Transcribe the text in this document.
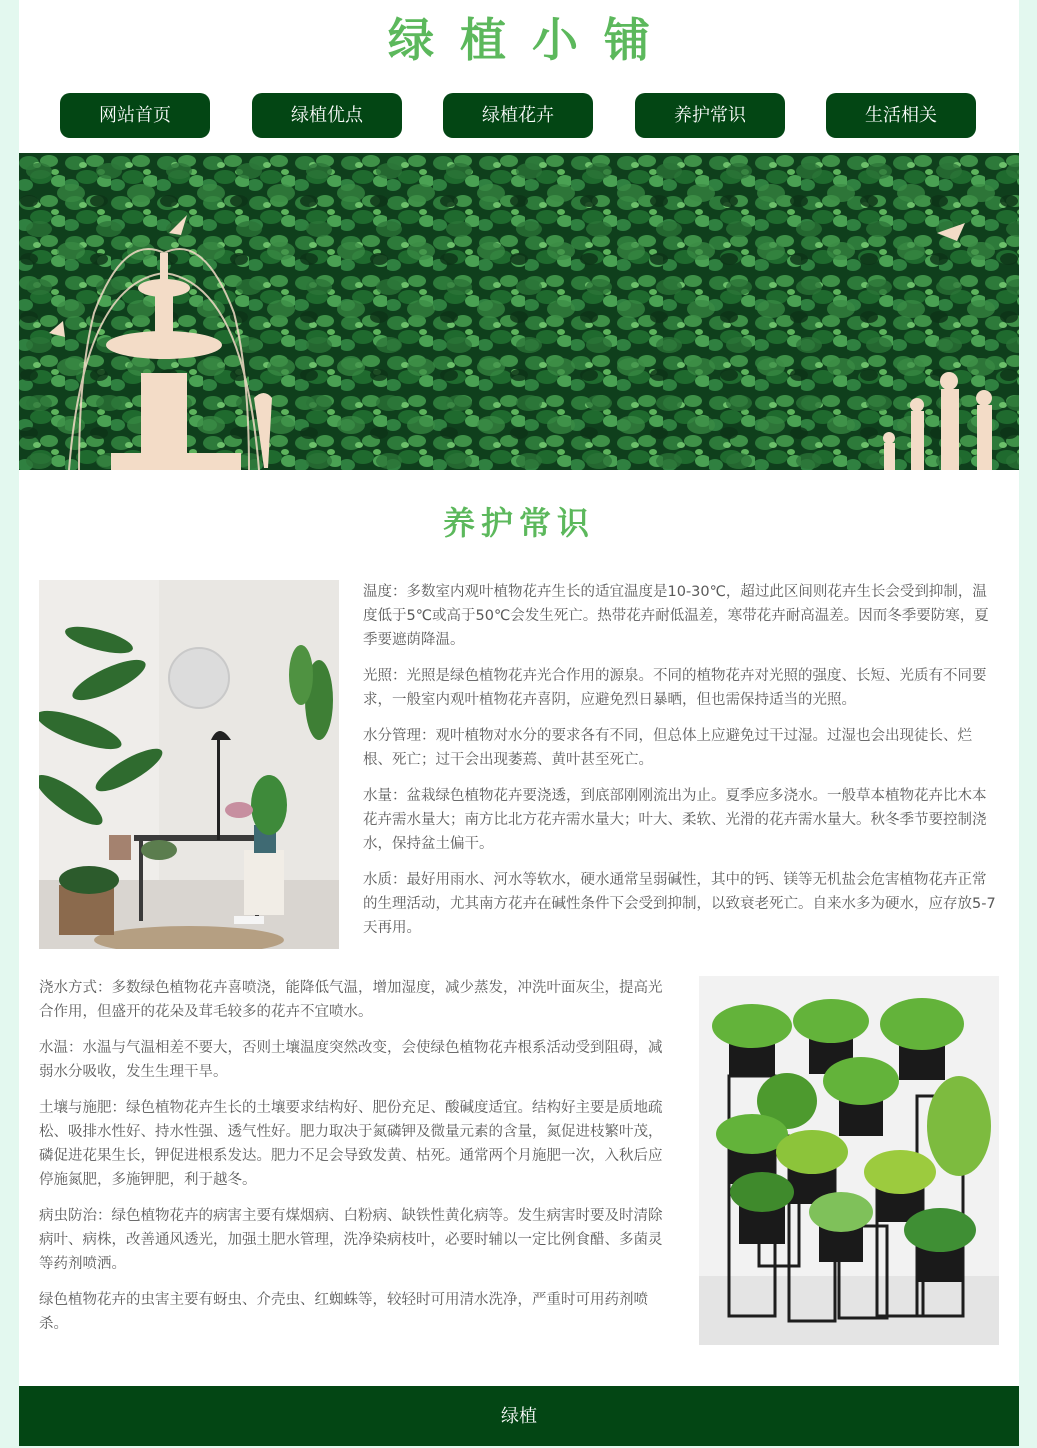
绿植小铺
网站首页	绿植优点	绿植花卉	养护常识	生活相关
养护常识

温度：多数室内观叶植物花卉生长的适宜温度是10-30℃，超过此区间则花卉生长会受到抑制，温度低于5℃或高于50℃会发生死亡。热带花卉耐低温差，寒带花卉耐高温差。因而冬季要防寒，夏季要遮荫降温。

光照：光照是绿色植物花卉光合作用的源泉。不同的植物花卉对光照的强度、长短、光质有不同要求，一般室内观叶植物花卉喜阴，应避免烈日暴晒，但也需保持适当的光照。

水分管理：观叶植物对水分的要求各有不同，但总体上应避免过干过湿。过湿也会出现徒长、烂根、死亡；过干会出现萎蔫、黄叶甚至死亡。

水量：盆栽绿色植物花卉要浇透，到底部刚刚流出为止。夏季应多浇水。一般草本植物花卉比木本花卉需水量大；南方比北方花卉需水量大；叶大、柔软、光滑的花卉需水量大。秋冬季节要控制浇水，保持盆土偏干。

水质：最好用雨水、河水等软水，硬水通常呈弱碱性，其中的钙、镁等无机盐会危害植物花卉正常的生理活动，尤其南方花卉在碱性条件下会受到抑制，以致衰老死亡。自来水多为硬水，应存放5-7天再用。

浇水方式：多数绿色植物花卉喜喷浇，能降低气温，增加湿度，减少蒸发，冲洗叶面灰尘，提高光合作用，但盛开的花朵及茸毛较多的花卉不宜喷水。

水温：水温与气温相差不要大，否则土壤温度突然改变，会使绿色植物花卉根系活动受到阻碍，减弱水分吸收，发生生理干旱。

土壤与施肥：绿色植物花卉生长的土壤要求结构好、肥份充足、酸碱度适宜。结构好主要是质地疏松、吸排水性好、持水性强、透气性好。肥力取决于氮磷钾及微量元素的含量，氮促进枝繁叶茂，磷促进花果生长，钾促进根系发达。肥力不足会导致发黄、枯死。通常两个月施肥一次，入秋后应停施氮肥，多施钾肥，利于越冬。

病虫防治：绿色植物花卉的病害主要有煤烟病、白粉病、缺铁性黄化病等。发生病害时要及时清除病叶、病株，改善通风透光，加强土肥水管理，洗净染病枝叶，必要时辅以一定比例食醋、多菌灵等药剂喷洒。

绿色植物花卉的虫害主要有蚜虫、介壳虫、红蜘蛛等，较轻时可用清水洗净，严重时可用药剂喷杀。

绿植
